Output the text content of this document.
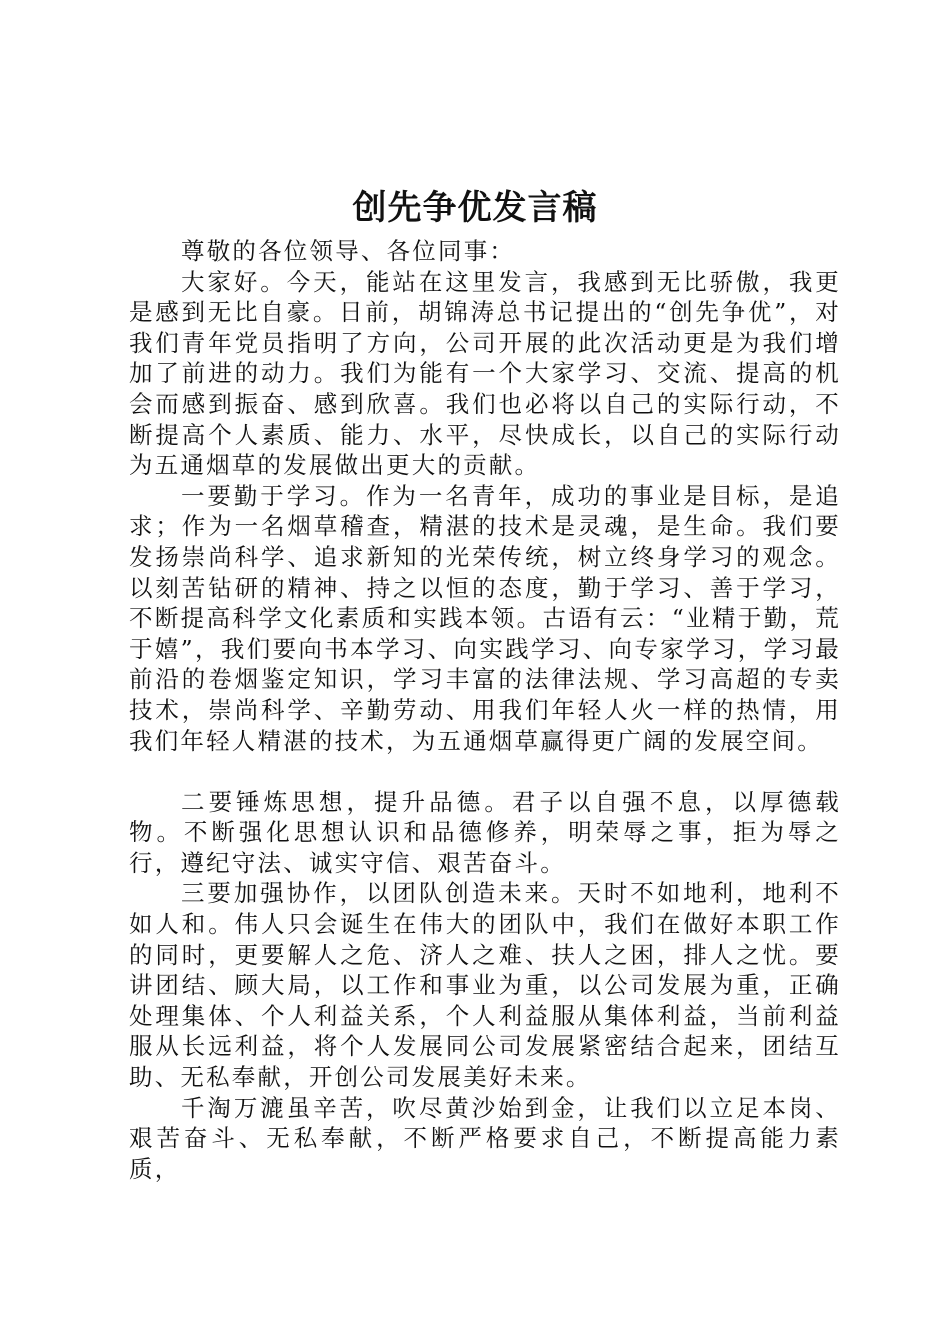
创先争优发言稿

尊敬的各位领导、各位同事：

大家好。今天，能站在这里发言，我感到无比骄傲，我更是感到无比自豪。日前，胡锦涛总书记提出的“创先争优”，对我们青年党员指明了方向，公司开展的此次活动更是为我们增加了前进的动力。我们为能有一个大家学习、交流、提高的机会而感到振奋、感到欣喜。我们也必将以自己的实际行动，不断提高个人素质、能力、水平，尽快成长，以自己的实际行动为五通烟草的发展做出更大的贡献。

一要勤于学习。作为一名青年，成功的事业是目标，是追求；作为一名烟草稽查，精湛的技术是灵魂，是生命。我们要发扬崇尚科学、追求新知的光荣传统，树立终身学习的观念。以刻苦钻研的精神、持之以恒的态度，勤于学习、善于学习，不断提高科学文化素质和实践本领。古语有云：“业精于勤，荒于嬉”，我们要向书本学习、向实践学习、向专家学习，学习最前沿的卷烟鉴定知识，学习丰富的法律法规、学习高超的专卖技术，崇尚科学、辛勤劳动、用我们年轻人火一样的热情，用我们年轻人精湛的技术，为五通烟草赢得更广阔的发展空间。

二要锤炼思想，提升品德。君子以自强不息，以厚德载物。不断强化思想认识和品德修养，明荣辱之事，拒为辱之行，遵纪守法、诚实守信、艰苦奋斗。

三要加强协作，以团队创造未来。天时不如地利，地利不如人和。伟人只会诞生在伟大的团队中，我们在做好本职工作的同时，更要解人之危、济人之难、扶人之困，排人之忧。要讲团结、顾大局，以工作和事业为重，以公司发展为重，正确处理集体、个人利益关系，个人利益服从集体利益，当前利益服从长远利益，将个人发展同公司发展紧密结合起来，团结互助、无私奉献，开创公司发展美好未来。

千淘万漉虽辛苦，吹尽黄沙始到金，让我们以立足本岗、艰苦奋斗、无私奉献，不断严格要求自己，不断提高能力素质，
